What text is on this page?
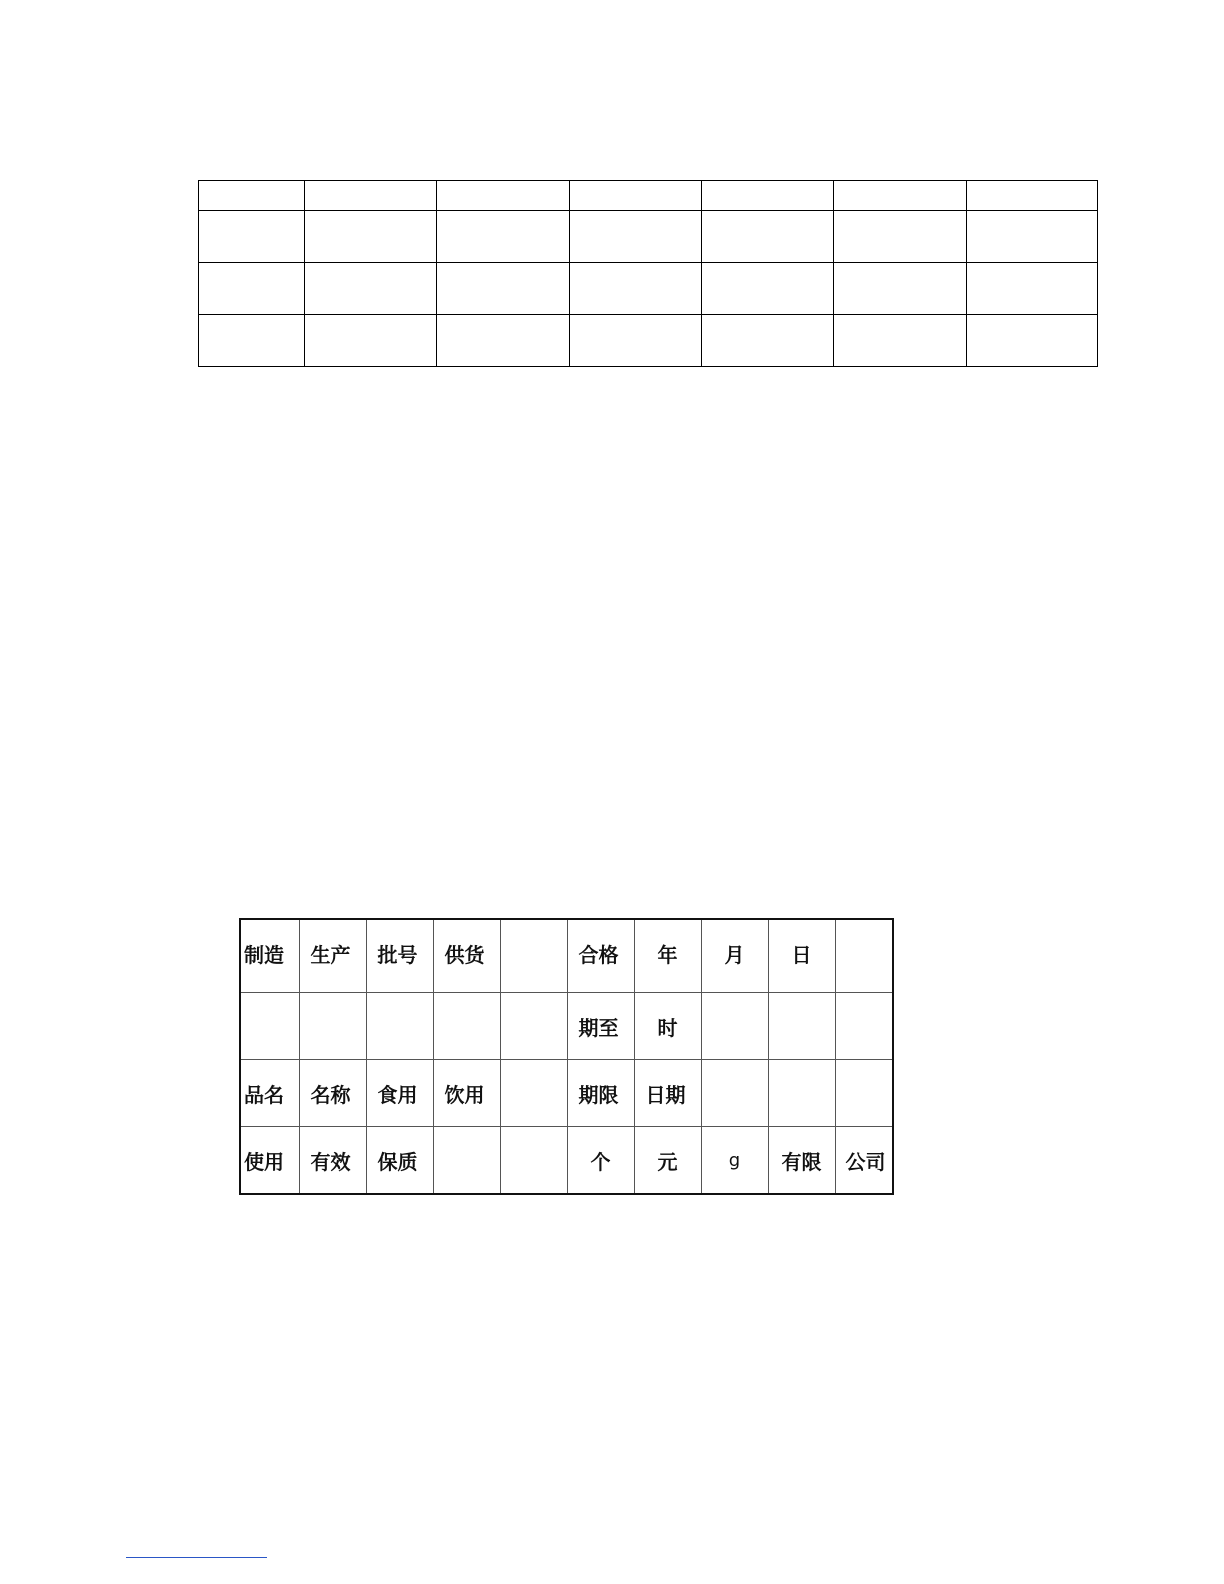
制造	生产	批号	供货		合格	年	月	日	
					期至	时			
品名	名称	食用	饮用		期限	日期			
使用	有效	保质			个	元	g	有限	公司
